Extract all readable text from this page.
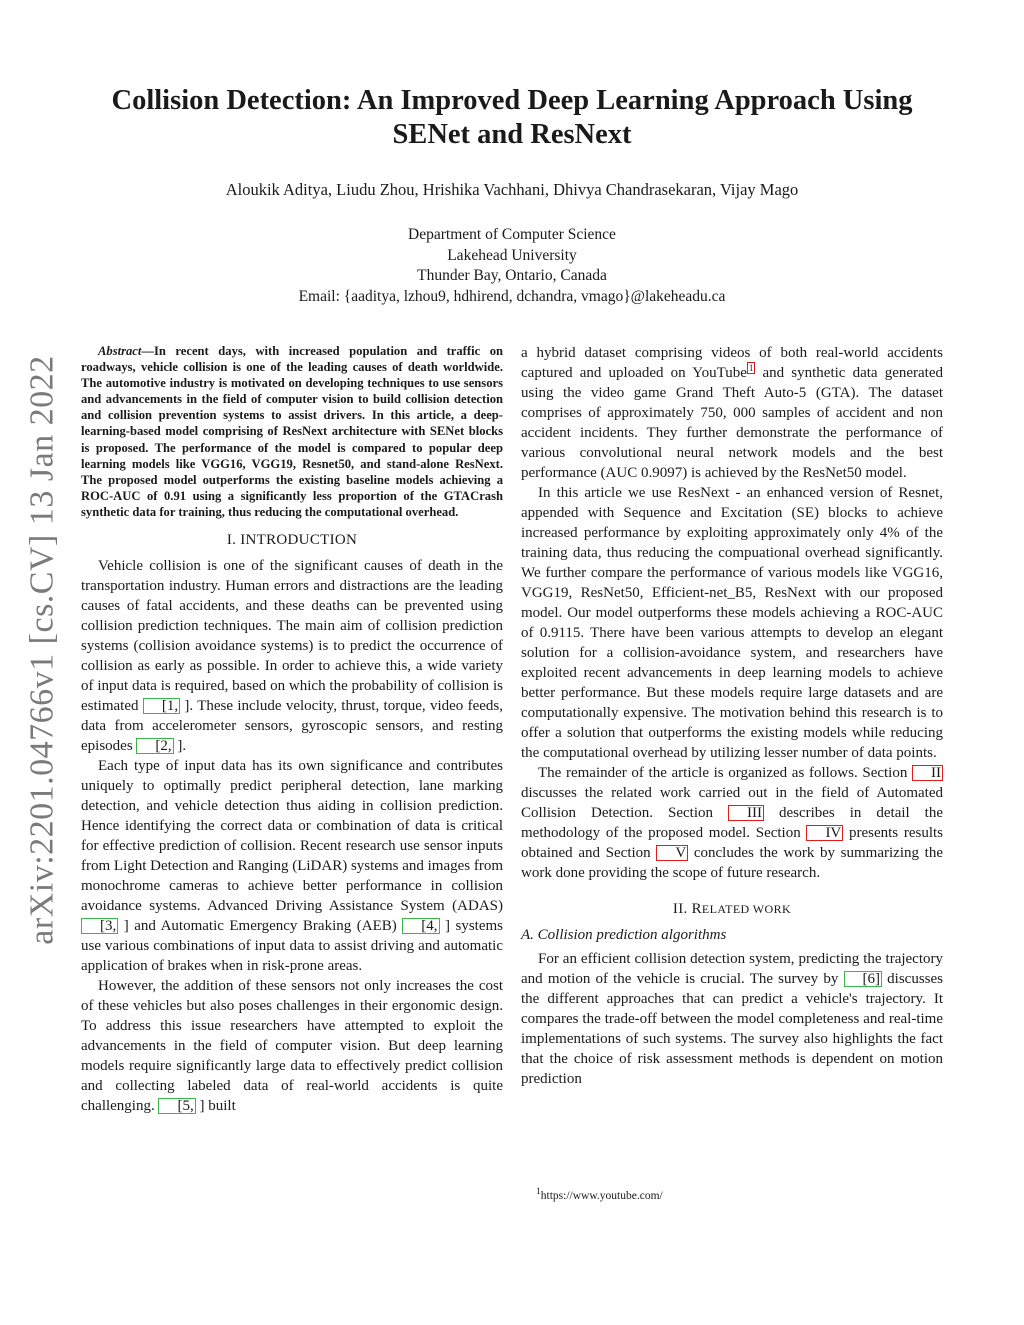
arXiv:2201.04766v1 [cs.CV] 13 Jan 2022
Collision Detection: An Improved Deep Learning Approach Using SENet and ResNext
Aloukik Aditya, Liudu Zhou, Hrishika Vachhani, Dhivya Chandrasekaran, Vijay Mago
Department of Computer Science
Lakehead University
Thunder Bay, Ontario, Canada
Email: {aaditya, lzhou9, hdhirend, dchandra, vmago}@lakeheadu.ca

Abstract—In recent days, with increased population and traffic on roadways, vehicle collision is one of the leading causes of death worldwide. The automotive industry is motivated on developing techniques to use sensors and advancements in the field of computer vision to build collision detection and collision prevention systems to assist drivers. In this article, a deep-learning-based model comprising of ResNext architecture with SENet blocks is proposed. The performance of the model is compared to popular deep learning models like VGG16, VGG19, Resnet50, and stand-alone ResNext. The proposed model outperforms the existing baseline models achieving a ROC-AUC of 0.91 using a significantly less proportion of the GTACrash synthetic data for training, thus reducing the computational overhead.

I. INTRODUCTION

Vehicle collision is one of the significant causes of death in the transportation industry. Human errors and distractions are the leading causes of fatal accidents, and these deaths can be prevented using collision prediction techniques. The main aim of collision prediction systems (collision avoidance systems) is to predict the occurrence of collision as early as possible. In order to achieve this, a wide variety of input data is required, based on which the probability of collision is estimated [1, ]. These include velocity, thrust, torque, video feeds, data from accelerometer sensors, gyroscopic sensors, and resting episodes [2, ].

Each type of input data has its own significance and contributes uniquely to optimally predict peripheral detection, lane marking detection, and vehicle detection thus aiding in collision prediction. Hence identifying the correct data or combination of data is critical for effective prediction of collision. Recent research use sensor inputs from Light Detection and Ranging (LiDAR) systems and images from monochrome cameras to achieve better performance in collision avoidance systems. Advanced Driving Assistance System (ADAS) [3, ] and Automatic Emergency Braking (AEB) [4, ] systems use various combinations of input data to assist driving and automatic application of brakes when in risk-prone areas.

However, the addition of these sensors not only increases the cost of these vehicles but also poses challenges in their ergonomic design. To address this issue researchers have attempted to exploit the advancements in the field of computer vision. But deep learning models require significantly large data to effectively predict collision and collecting labeled data of real-world accidents is quite challenging. [5, ] built

a hybrid dataset comprising videos of both real-world accidents captured and uploaded on YouTube $^1$ and synthetic data generated using the video game Grand Theft Auto-5 (GTA). The dataset comprises of approximately 750, 000 samples of accident and non accident incidents. They further demonstrate the performance of various convolutional neural network models and the best performance (AUC 0.9097) is achieved by the ResNet50 model.

In this article we use ResNext - an enhanced version of Resnet, appended with Sequence and Excitation (SE) blocks to achieve increased performance by exploiting approximately only 4% of the training data, thus reducing the compuational overhead significantly. We further compare the performance of various models like VGG16, VGG19, ResNet50, Efficient-net_B5, ResNext with our proposed model. Our model outperforms these models achieving a ROC-AUC of 0.9115. There have been various attempts to develop an elegant solution for a collision-avoidance system, and researchers have exploited recent advancements in deep learning models to achieve better performance. But these models require large datasets and are computationally expensive. The motivation behind this research is to offer a solution that outperforms the existing models while reducing the computational overhead by utilizing lesser number of data points.

The remainder of the article is organized as follows. Section II discusses the related work carried out in the field of Automated Collision Detection. Section III describes in detail the methodology of the proposed model. Section IV presents results obtained and Section V concludes the work by summarizing the work done providing the scope of future research.

II. RELATED WORK
A. Collision prediction algorithms

For an efficient collision detection system, predicting the trajectory and motion of the vehicle is crucial. The survey by [6] discusses the different approaches that can predict a vehicle's trajectory. It compares the trade-off between the model completeness and real-time implementations of such systems. The survey also highlights the fact that the choice of risk assessment methods is dependent on motion prediction

$^1$https://www.youtube.com/
